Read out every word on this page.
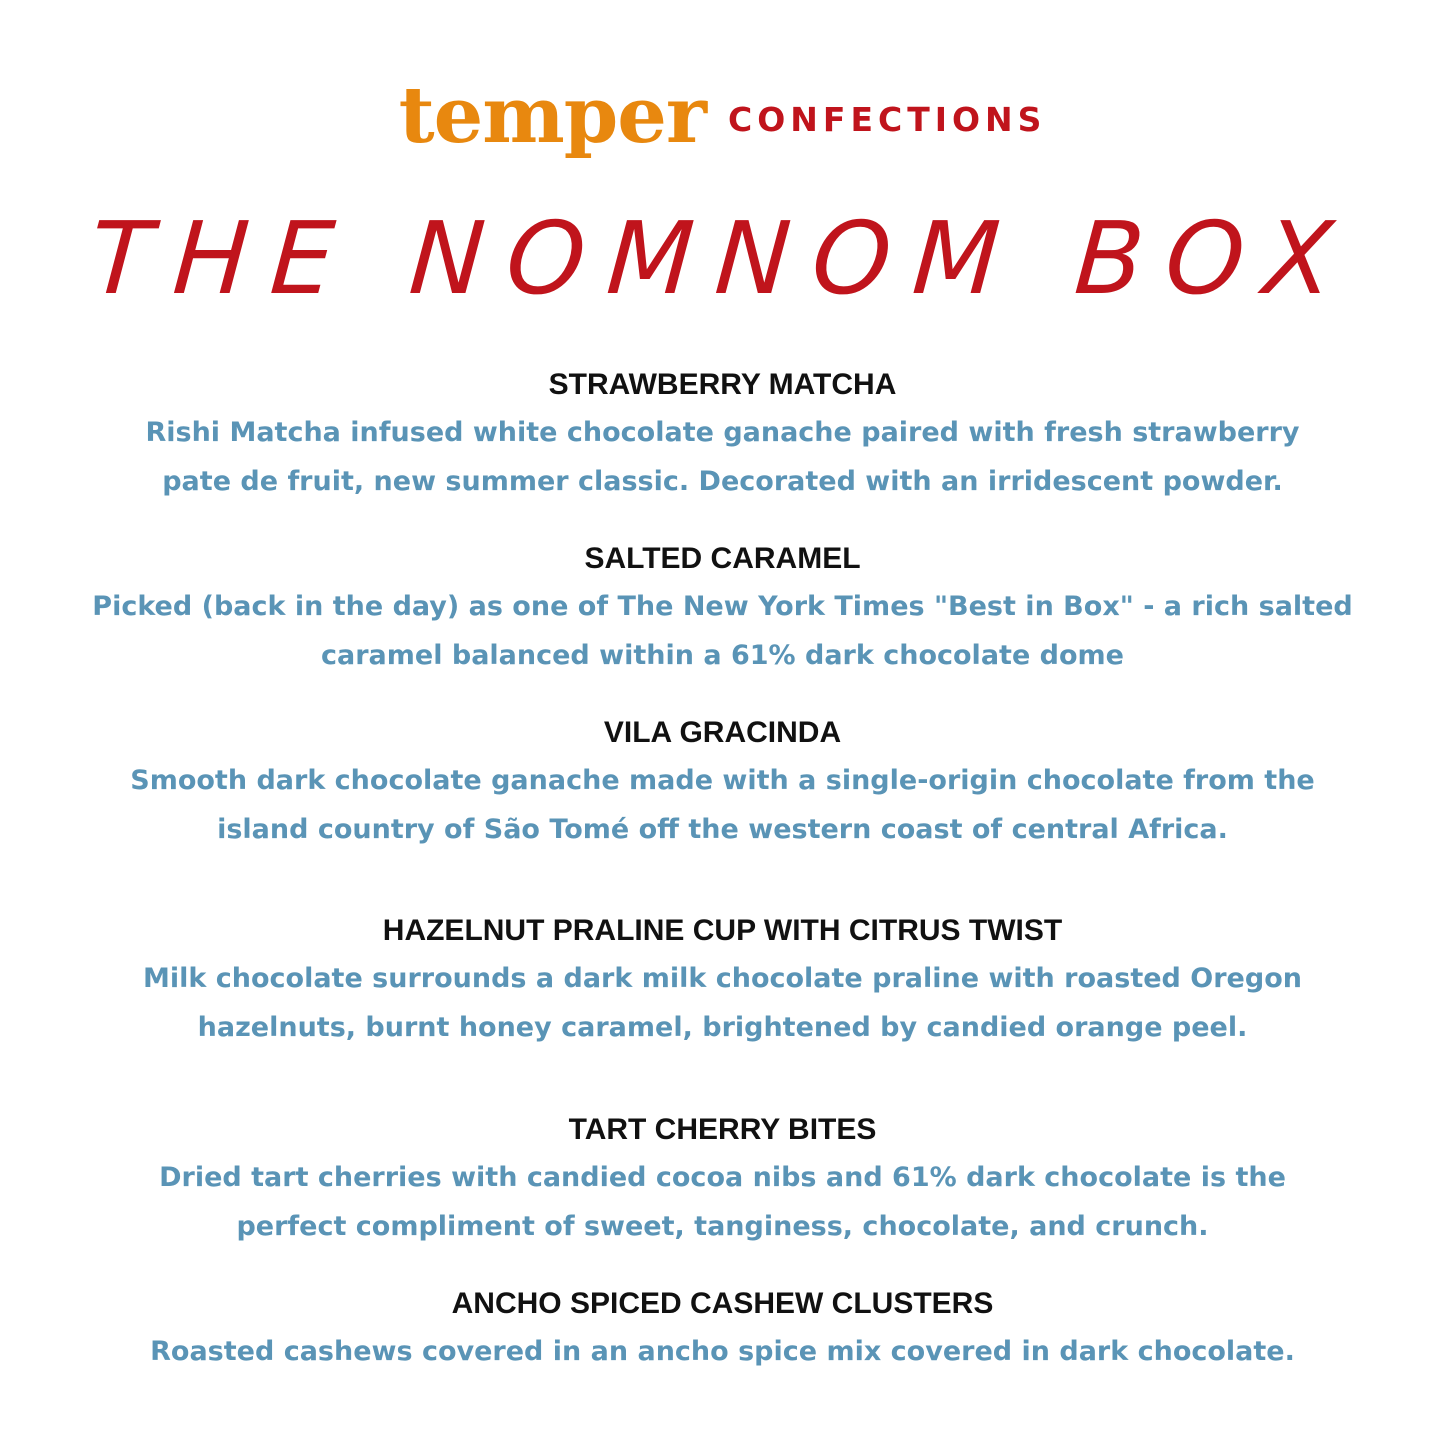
temper CONFECTIONS
THE NOMNOM BOX

STRAWBERRY MATCHA

Rishi Matcha infused white chocolate ganache paired with fresh strawberry
pate de fruit, new summer classic. Decorated with an irridescent powder.

SALTED CARAMEL

Picked (back in the day) as one of The New York Times "Best in Box" - a rich salted
caramel balanced within a 61% dark chocolate dome

VILA GRACINDA

Smooth dark chocolate ganache made with a single-origin chocolate from the
island country of São Tomé off the western coast of central Africa.

HAZELNUT PRALINE CUP WITH CITRUS TWIST

Milk chocolate surrounds a dark milk chocolate praline with roasted Oregon
hazelnuts, burnt honey caramel, brightened by candied orange peel.

TART CHERRY BITES

Dried tart cherries with candied cocoa nibs and 61% dark chocolate is the
perfect compliment of sweet, tanginess, chocolate, and crunch.

ANCHO SPICED CASHEW CLUSTERS

Roasted cashews covered in an ancho spice mix covered in dark chocolate.
